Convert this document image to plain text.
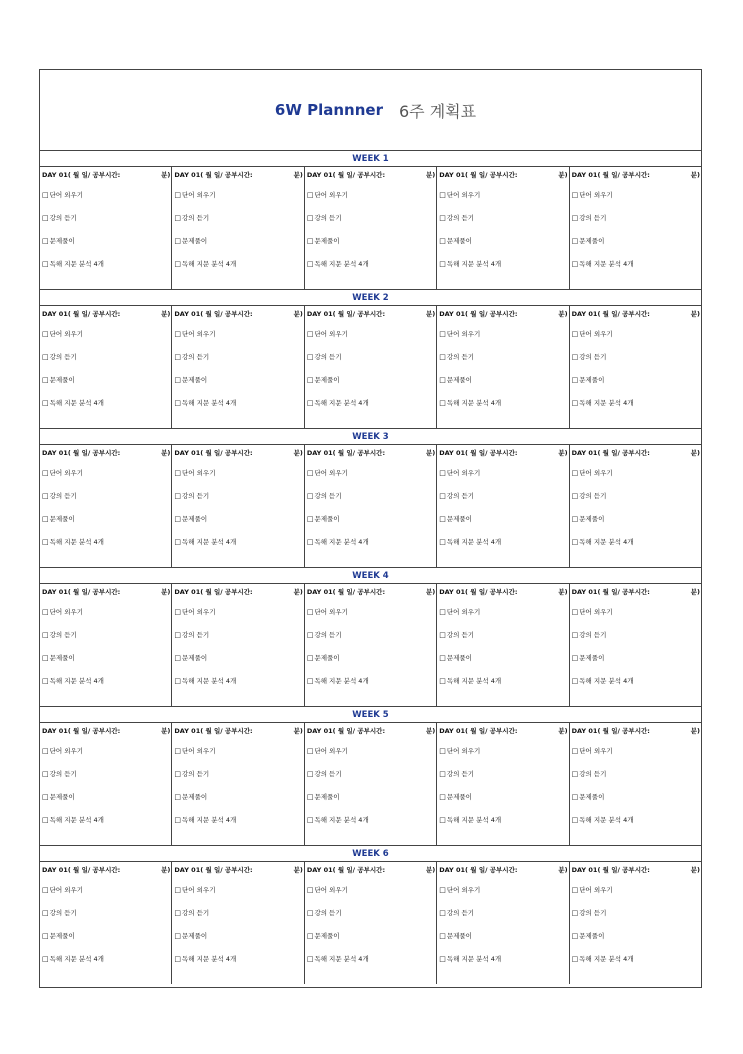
6W Plannner 6주 계획표
WEEK 1
DAY 01( 월 일/ 공부시간:	분)
□ 단어 외우기
□ 강의 듣기
□ 문제풀이
□ 독해 지문 분석 4개
DAY 01( 월 일/ 공부시간:	분)
□ 단어 외우기
□ 강의 듣기
□ 문제풀이
□ 독해 지문 분석 4개
DAY 01( 월 일/ 공부시간:	분)
□ 단어 외우기
□ 강의 듣기
□ 문제풀이
□ 독해 지문 분석 4개
DAY 01( 월 일/ 공부시간:	분)
□ 단어 외우기
□ 강의 듣기
□ 문제풀이
□ 독해 지문 분석 4개
DAY 01( 월 일/ 공부시간:	분)
□ 단어 외우기
□ 강의 듣기
□ 문제풀이
□ 독해 지문 분석 4개
WEEK 2
DAY 01( 월 일/ 공부시간:	분)
□ 단어 외우기
□ 강의 듣기
□ 문제풀이
□ 독해 지문 분석 4개
DAY 01( 월 일/ 공부시간:	분)
□ 단어 외우기
□ 강의 듣기
□ 문제풀이
□ 독해 지문 분석 4개
DAY 01( 월 일/ 공부시간:	분)
□ 단어 외우기
□ 강의 듣기
□ 문제풀이
□ 독해 지문 분석 4개
DAY 01( 월 일/ 공부시간:	분)
□ 단어 외우기
□ 강의 듣기
□ 문제풀이
□ 독해 지문 분석 4개
DAY 01( 월 일/ 공부시간:	분)
□ 단어 외우기
□ 강의 듣기
□ 문제풀이
□ 독해 지문 분석 4개
WEEK 3
DAY 01( 월 일/ 공부시간:	분)
□ 단어 외우기
□ 강의 듣기
□ 문제풀이
□ 독해 지문 분석 4개
DAY 01( 월 일/ 공부시간:	분)
□ 단어 외우기
□ 강의 듣기
□ 문제풀이
□ 독해 지문 분석 4개
DAY 01( 월 일/ 공부시간:	분)
□ 단어 외우기
□ 강의 듣기
□ 문제풀이
□ 독해 지문 분석 4개
DAY 01( 월 일/ 공부시간:	분)
□ 단어 외우기
□ 강의 듣기
□ 문제풀이
□ 독해 지문 분석 4개
DAY 01( 월 일/ 공부시간:	분)
□ 단어 외우기
□ 강의 듣기
□ 문제풀이
□ 독해 지문 분석 4개
WEEK 4
DAY 01( 월 일/ 공부시간:	분)
□ 단어 외우기
□ 강의 듣기
□ 문제풀이
□ 독해 지문 분석 4개
DAY 01( 월 일/ 공부시간:	분)
□ 단어 외우기
□ 강의 듣기
□ 문제풀이
□ 독해 지문 분석 4개
DAY 01( 월 일/ 공부시간:	분)
□ 단어 외우기
□ 강의 듣기
□ 문제풀이
□ 독해 지문 분석 4개
DAY 01( 월 일/ 공부시간:	분)
□ 단어 외우기
□ 강의 듣기
□ 문제풀이
□ 독해 지문 분석 4개
DAY 01( 월 일/ 공부시간:	분)
□ 단어 외우기
□ 강의 듣기
□ 문제풀이
□ 독해 지문 분석 4개
WEEK 5
DAY 01( 월 일/ 공부시간:	분)
□ 단어 외우기
□ 강의 듣기
□ 문제풀이
□ 독해 지문 분석 4개
DAY 01( 월 일/ 공부시간:	분)
□ 단어 외우기
□ 강의 듣기
□ 문제풀이
□ 독해 지문 분석 4개
DAY 01( 월 일/ 공부시간:	분)
□ 단어 외우기
□ 강의 듣기
□ 문제풀이
□ 독해 지문 분석 4개
DAY 01( 월 일/ 공부시간:	분)
□ 단어 외우기
□ 강의 듣기
□ 문제풀이
□ 독해 지문 분석 4개
DAY 01( 월 일/ 공부시간:	분)
□ 단어 외우기
□ 강의 듣기
□ 문제풀이
□ 독해 지문 분석 4개
WEEK 6
DAY 01( 월 일/ 공부시간:	분)
□ 단어 외우기
□ 강의 듣기
□ 문제풀이
□ 독해 지문 분석 4개
DAY 01( 월 일/ 공부시간:	분)
□ 단어 외우기
□ 강의 듣기
□ 문제풀이
□ 독해 지문 분석 4개
DAY 01( 월 일/ 공부시간:	분)
□ 단어 외우기
□ 강의 듣기
□ 문제풀이
□ 독해 지문 분석 4개
DAY 01( 월 일/ 공부시간:	분)
□ 단어 외우기
□ 강의 듣기
□ 문제풀이
□ 독해 지문 분석 4개
DAY 01( 월 일/ 공부시간:	분)
□ 단어 외우기
□ 강의 듣기
□ 문제풀이
□ 독해 지문 분석 4개
